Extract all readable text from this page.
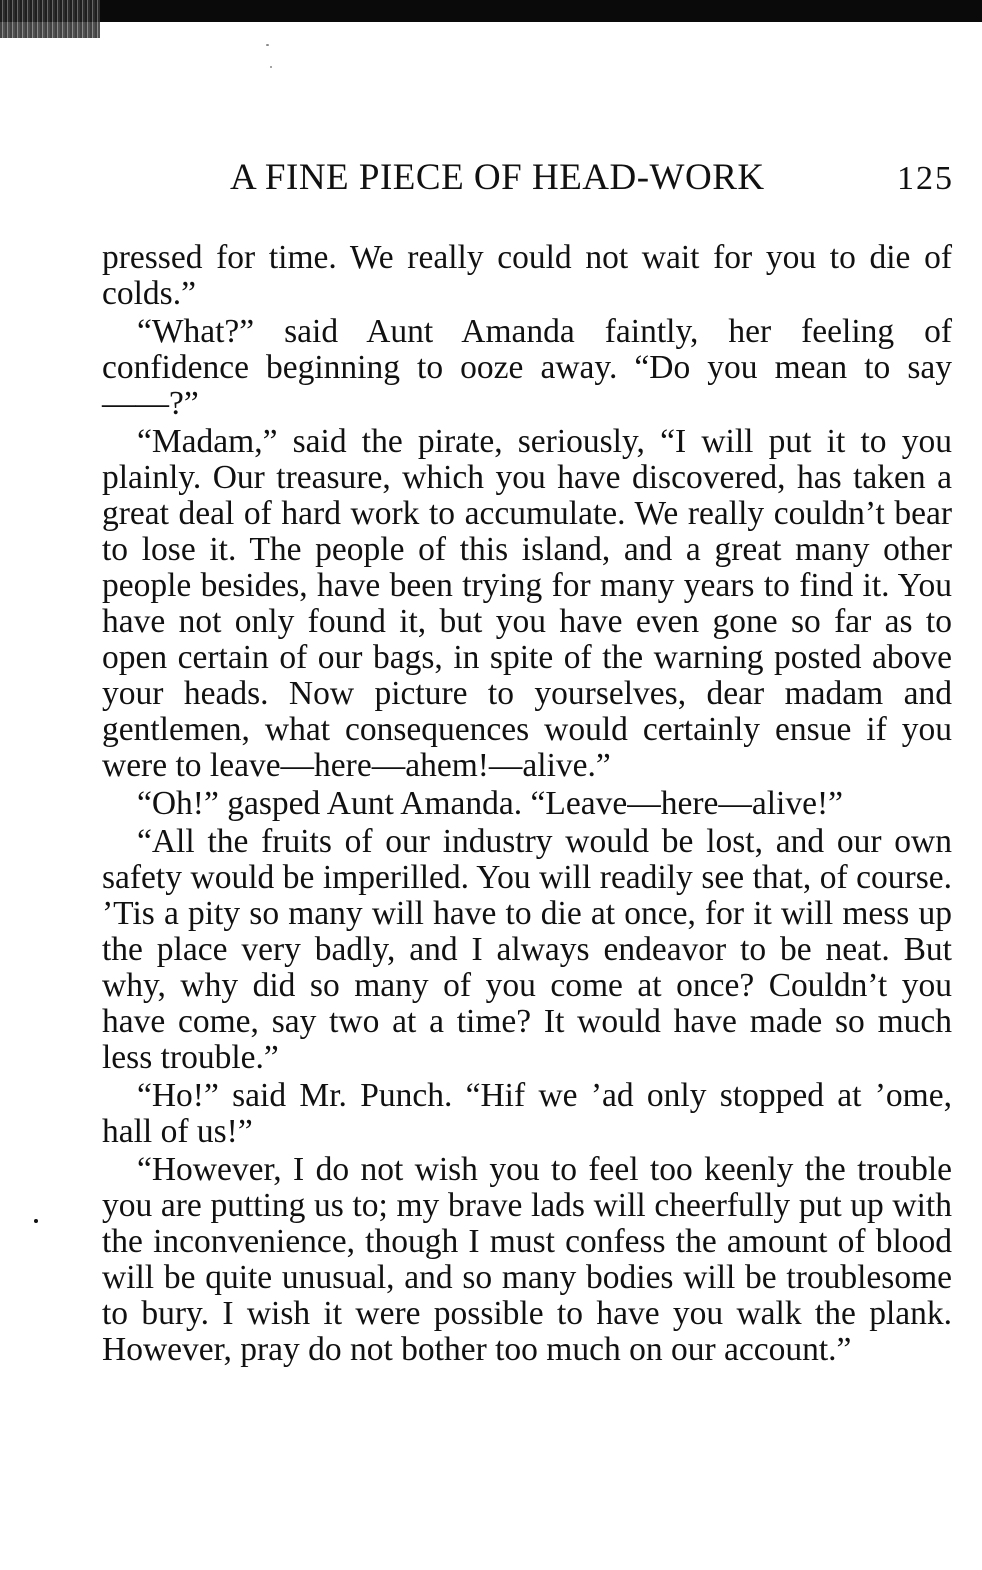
A FINE PIECE OF HEAD-WORK	125

pressed for time. We really could not wait for you to die of colds.”

“What?” said Aunt Amanda faintly, her feeling of confidence beginning to ooze away. “Do you mean to say——?”

“Madam,” said the pirate, seriously, “I will put it to you plainly. Our treasure, which you have discovered, has taken a great deal of hard work to accumulate. We really couldn’t bear to lose it. The people of this island, and a great many other people besides, have been trying for many years to find it. You have not only found it, but you have even gone so far as to open certain of our bags, in spite of the warning posted above your heads. Now picture to yourselves, dear madam and gentlemen, what consequences would certainly ensue if you were to leave—here—ahem!—alive.”

“Oh!” gasped Aunt Amanda. “Leave—here—alive!”

“All the fruits of our industry would be lost, and our own safety would be imperilled. You will readily see that, of course. ’Tis a pity so many will have to die at once, for it will mess up the place very badly, and I always endeavor to be neat. But why, why did so many of you come at once? Couldn’t you have come, say two at a time? It would have made so much less trouble.”

“Ho!” said Mr. Punch. “Hif we ’ad only stopped at ’ome, hall of us!”

“However, I do not wish you to feel too keenly the trouble you are putting us to; my brave lads will cheerfully put up with the inconvenience, though I must confess the amount of blood will be quite unusual, and so many bodies will be troublesome to bury. I wish it were possible to have you walk the plank. However, pray do not bother too much on our account.”
